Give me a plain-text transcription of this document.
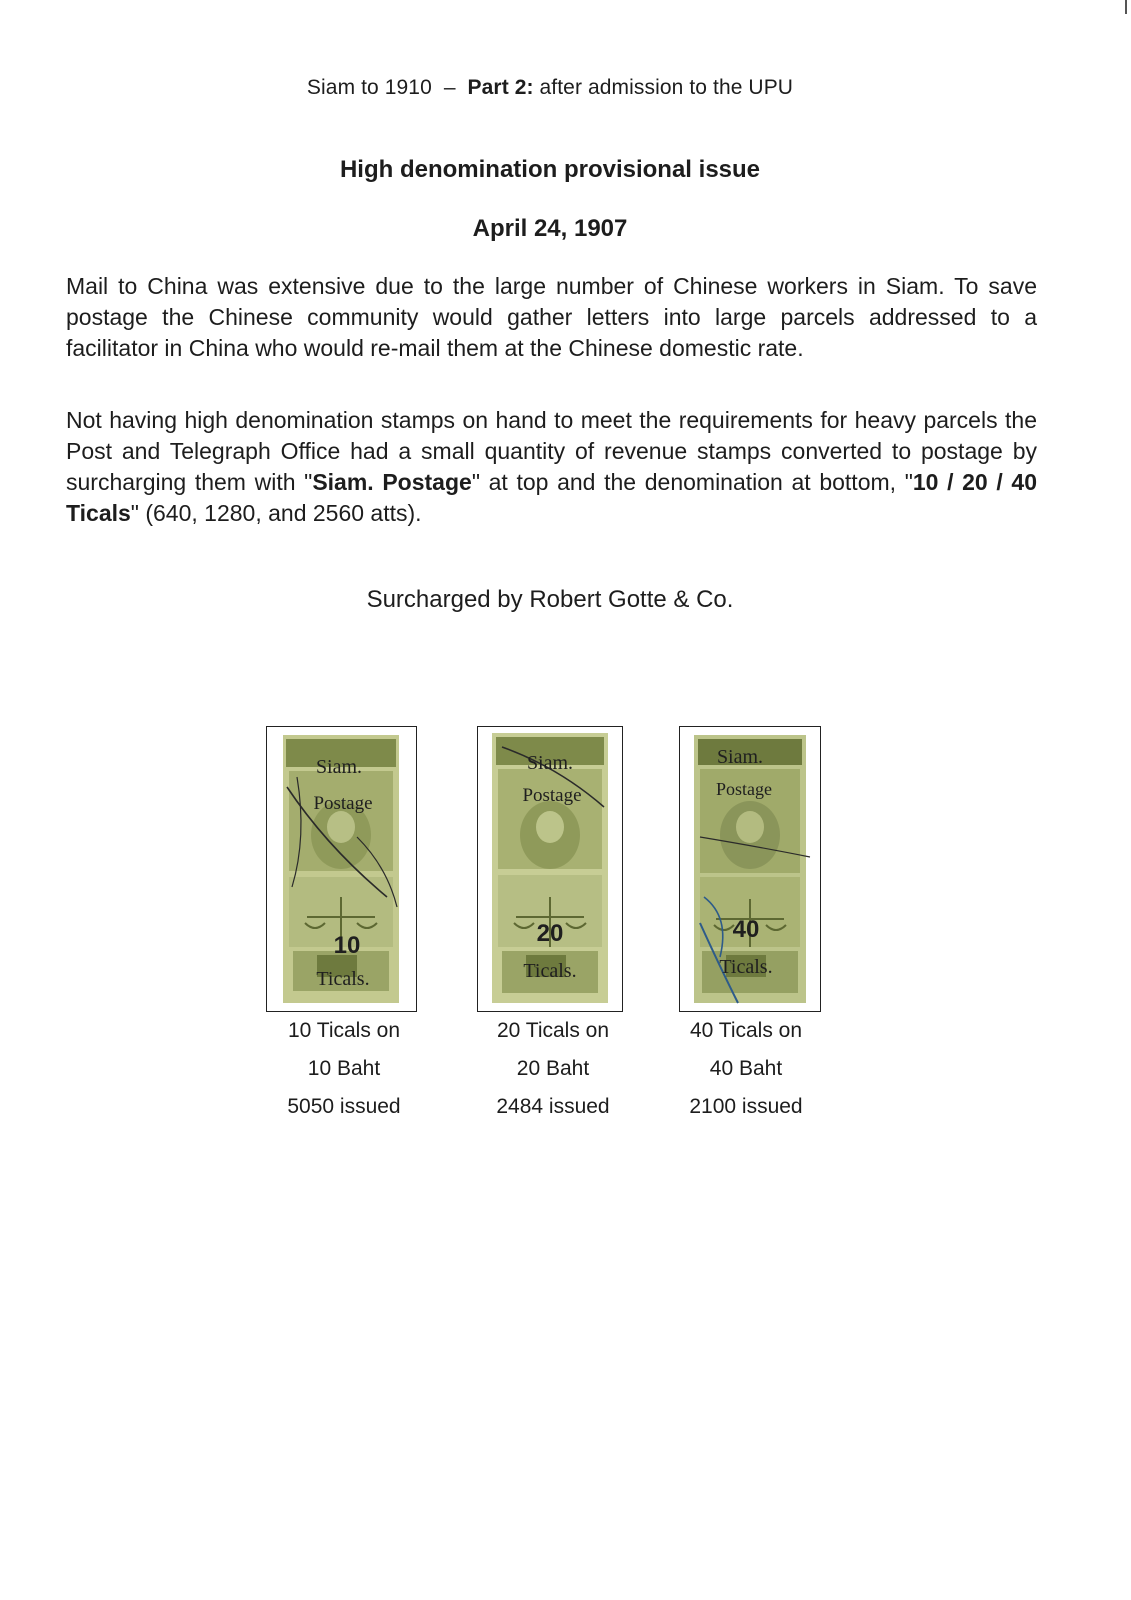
Siam to 1910 – Part 2: after admission to the UPU
High denomination provisional issue
April 24, 1907

Mail to China was extensive due to the large number of Chinese workers in Siam. To save postage the Chinese community would gather letters into large parcels addressed to a facilitator in China who would re-mail them at the Chinese domestic rate.

Not having high denomination stamps on hand to meet the requirements for heavy parcels the Post and Telegraph Office had a small quantity of revenue stamps converted to postage by surcharging them with "Siam. Postage" at top and the denomination at bottom, "10 / 20 / 40 Ticals" (640, 1280, and 2560 atts).

Surcharged by Robert Gotte & Co.
Siam.
Postage
10
Ticals.
10 Ticals on
10 Baht
5050 issued
Siam.
Postage
20
Ticals.
20 Ticals on
20 Baht
2484 issued
Siam.
Postage
40
Ticals.
40 Ticals on
40 Baht
2100 issued
